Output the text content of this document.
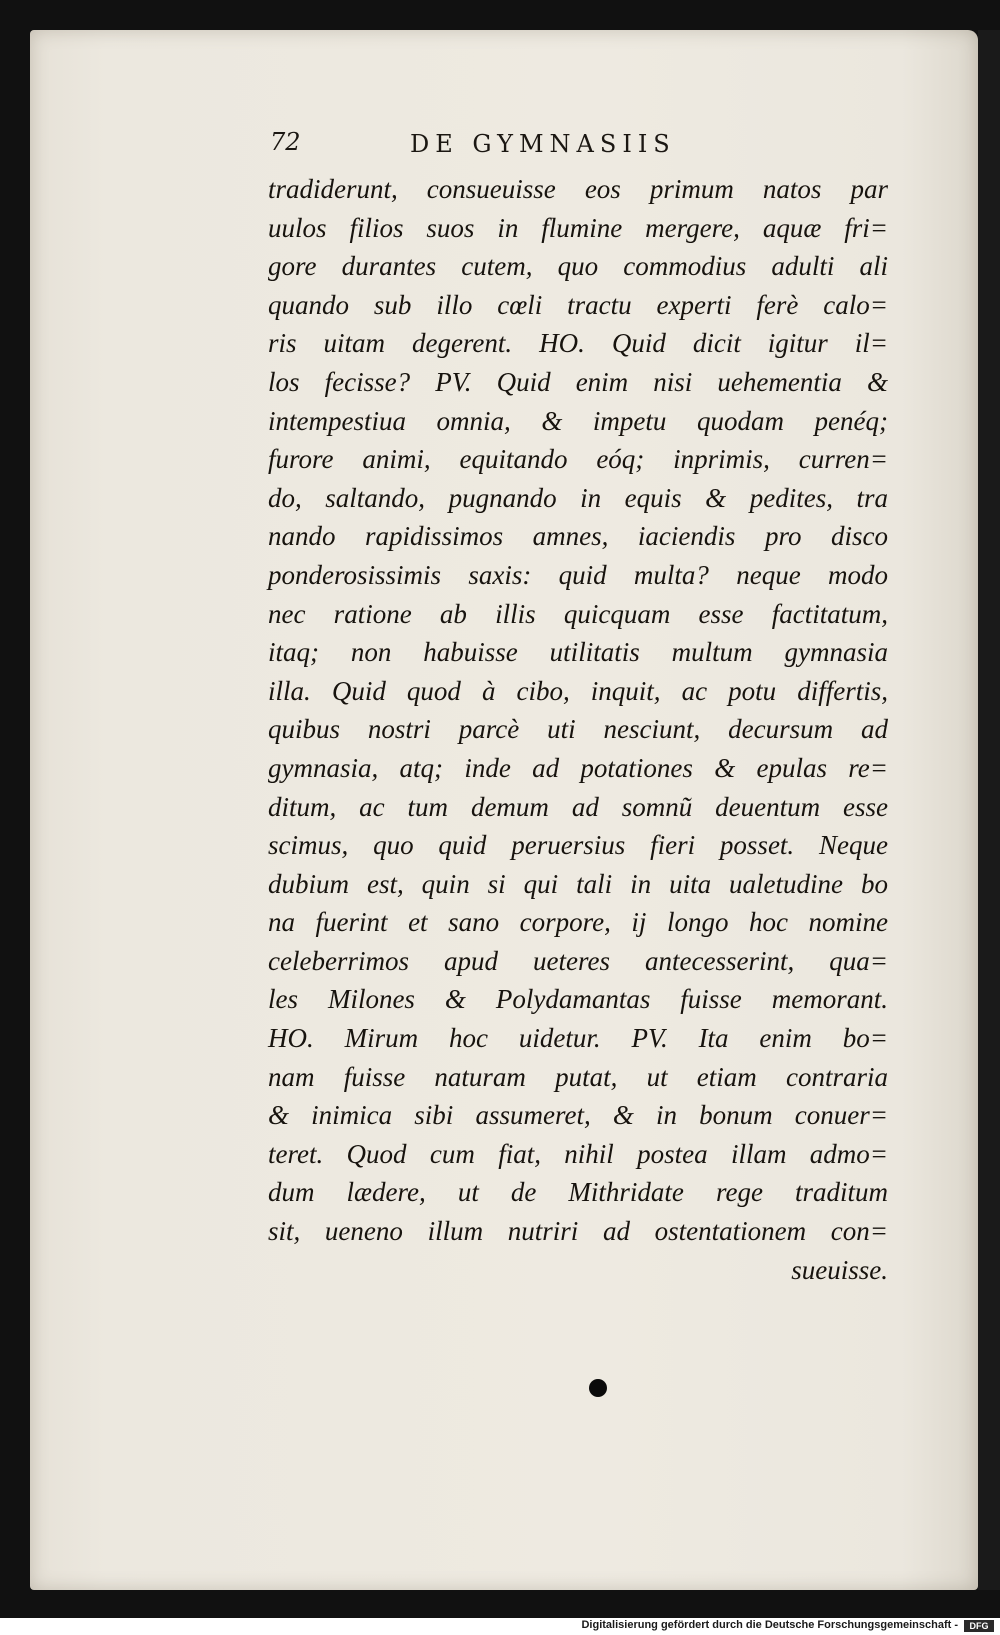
72	DE GYMNASIIS
tradiderunt, consueuisse eos primum natos par
uulos filios suos in flumine mergere, aquæ fri=
gore durantes cutem, quo commodius adulti ali
quando sub illo cœli tractu experti ferè calo=
ris uitam degerent. HO. Quid dicit igitur il=
los fecisse? PV. Quid enim nisi uehementia &
intempestiua omnia, & impetu quodam penéq;
furore animi, equitando eóq; inprimis, curren=
do, saltando, pugnando in equis & pedites, tra
nando rapidissimos amnes, iaciendis pro disco
ponderosissimis saxis: quid multa? neque modo
nec ratione ab illis quicquam esse factitatum,
itaq; non habuisse utilitatis multum gymnasia
illa. Quid quod à cibo, inquit, ac potu differtis,
quibus nostri parcè uti nesciunt, decursum ad
gymnasia, atq; inde ad potationes & epulas re=
ditum, ac tum demum ad somnũ deuentum esse
scimus, quo quid peruersius fieri posset. Neque
dubium est, quin si qui tali in uita ualetudine bo
na fuerint et sano corpore, ij longo hoc nomine
celeberrimos apud ueteres antecesserint, qua=
les Milones & Polydamantas fuisse memorant.
HO. Mirum hoc uidetur. PV. Ita enim bo=
nam fuisse naturam putat, ut etiam contraria
& inimica sibi assumeret, & in bonum conuer=
teret. Quod cum fiat, nihil postea illam admo=
dum lædere, ut de Mithridate rege traditum
sit, ueneno illum nutriri ad ostentationem con=
sueuisse.
Digitalisierung gefördert durch die Deutsche Forschungsgemeinschaft -	DFG
